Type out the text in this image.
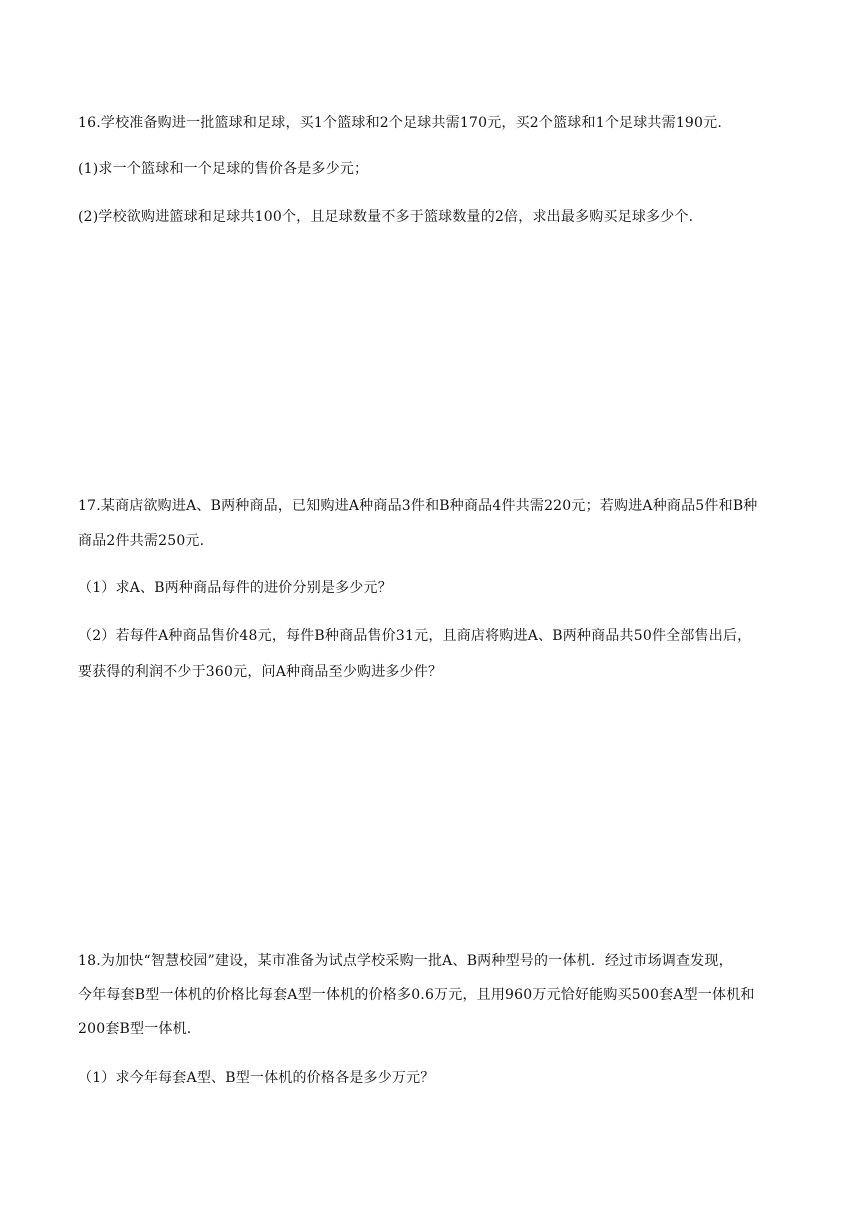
16.学校准备购进一批篮球和足球，买1个篮球和2个足球共需170元，买2个篮球和1个足球共需190元.
(1)求一个篮球和一个足球的售价各是多少元；
(2)学校欲购进篮球和足球共100个，且足球数量不多于篮球数量的2倍，求出最多购买足球多少个.
17.某商店欲购进A、B两种商品，已知购进A种商品3件和B种商品4件共需220元；若购进A种商品5件和B种
商品2件共需250元.
（1）求A、B两种商品每件的进价分别是多少元？
（2）若每件A种商品售价48元，每件B种商品售价31元，且商店将购进A、B两种商品共50件全部售出后，
要获得的利润不少于360元，问A种商品至少购进多少件？
18.为加快“智慧校园”建设，某市准备为试点学校采购一批A、B两种型号的一体机．经过市场调查发现，
今年每套B型一体机的价格比每套A型一体机的价格多0.6万元，且用960万元恰好能购买500套A型一体机和
200套B型一体机.
（1）求今年每套A型、B型一体机的价格各是多少万元？
